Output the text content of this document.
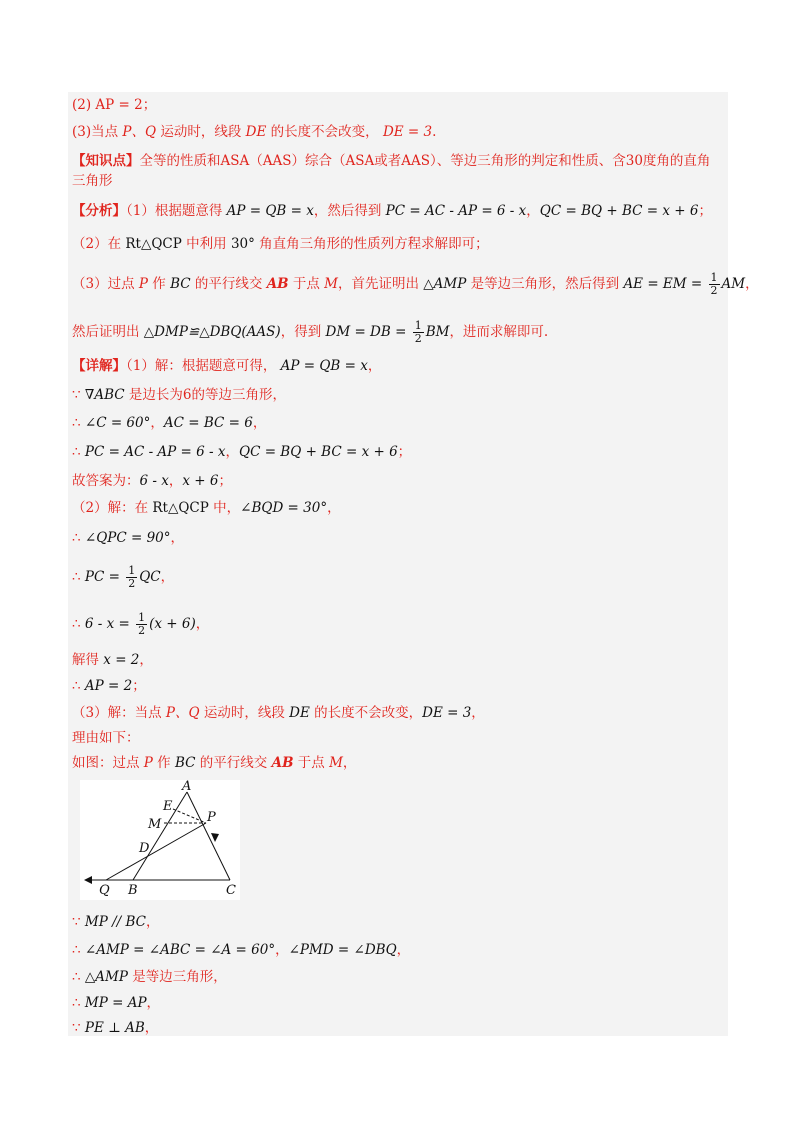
(2) AP = 2；
(3)当点 P、Q 运动时，线段 DE 的长度不会改变， DE = 3.
【知识点】全等的性质和ASA（AAS）综合（ASA或者AAS）、等边三角形的判定和性质、含30度角的直角三角形
【分析】（1）根据题意得 AP = QB = x，然后得到 PC = AC - AP = 6 - x，QC = BQ + BC = x + 6；
（2）在 Rt△QCP 中利用 30° 角直角三角形的性质列方程求解即可；
（3）过点 P 作 BC 的平行线交 AB 于点 M，首先证明出 △AMP 是等边三角形，然后得到 AE = EM = $\frac{1}{2}$ AM，
然后证明出 △DMP≌△DBQ(AAS)，得到 DM = DB = $\frac{1}{2}$ BM，进而求解即可.
【详解】（1）解：根据题意可得， AP = QB = x，
∵ ∇ABC 是边长为6的等边三角形，
∴ ∠C = 60°，AC = BC = 6，
∴ PC = AC - AP = 6 - x，QC = BQ + BC = x + 6；
故答案为：6 - x，x + 6；
（2）解：在 Rt△QCP 中，∠BQD = 30°，
∴ ∠QPC = 90°，
∴ PC = $\frac{1}{2}$ QC，
∴ $6 - x = \frac{1}{2} (x + 6)$，
解得 x = 2，
∴ AP = 2；
（3）解：当点 P、Q 运动时，线段 DE 的长度不会改变，DE = 3，
理由如下：
如图：过点 P 作 BC 的平行线交 AB 于点 M，
A
E
M	P
D
Q B	C
∵ MP // BC，
∴ ∠AMP = ∠ABC = ∠A = 60°，∠PMD = ∠DBQ，
∴ △AMP 是等边三角形，
∴ MP = AP，
∵ PE ⊥ AB，
